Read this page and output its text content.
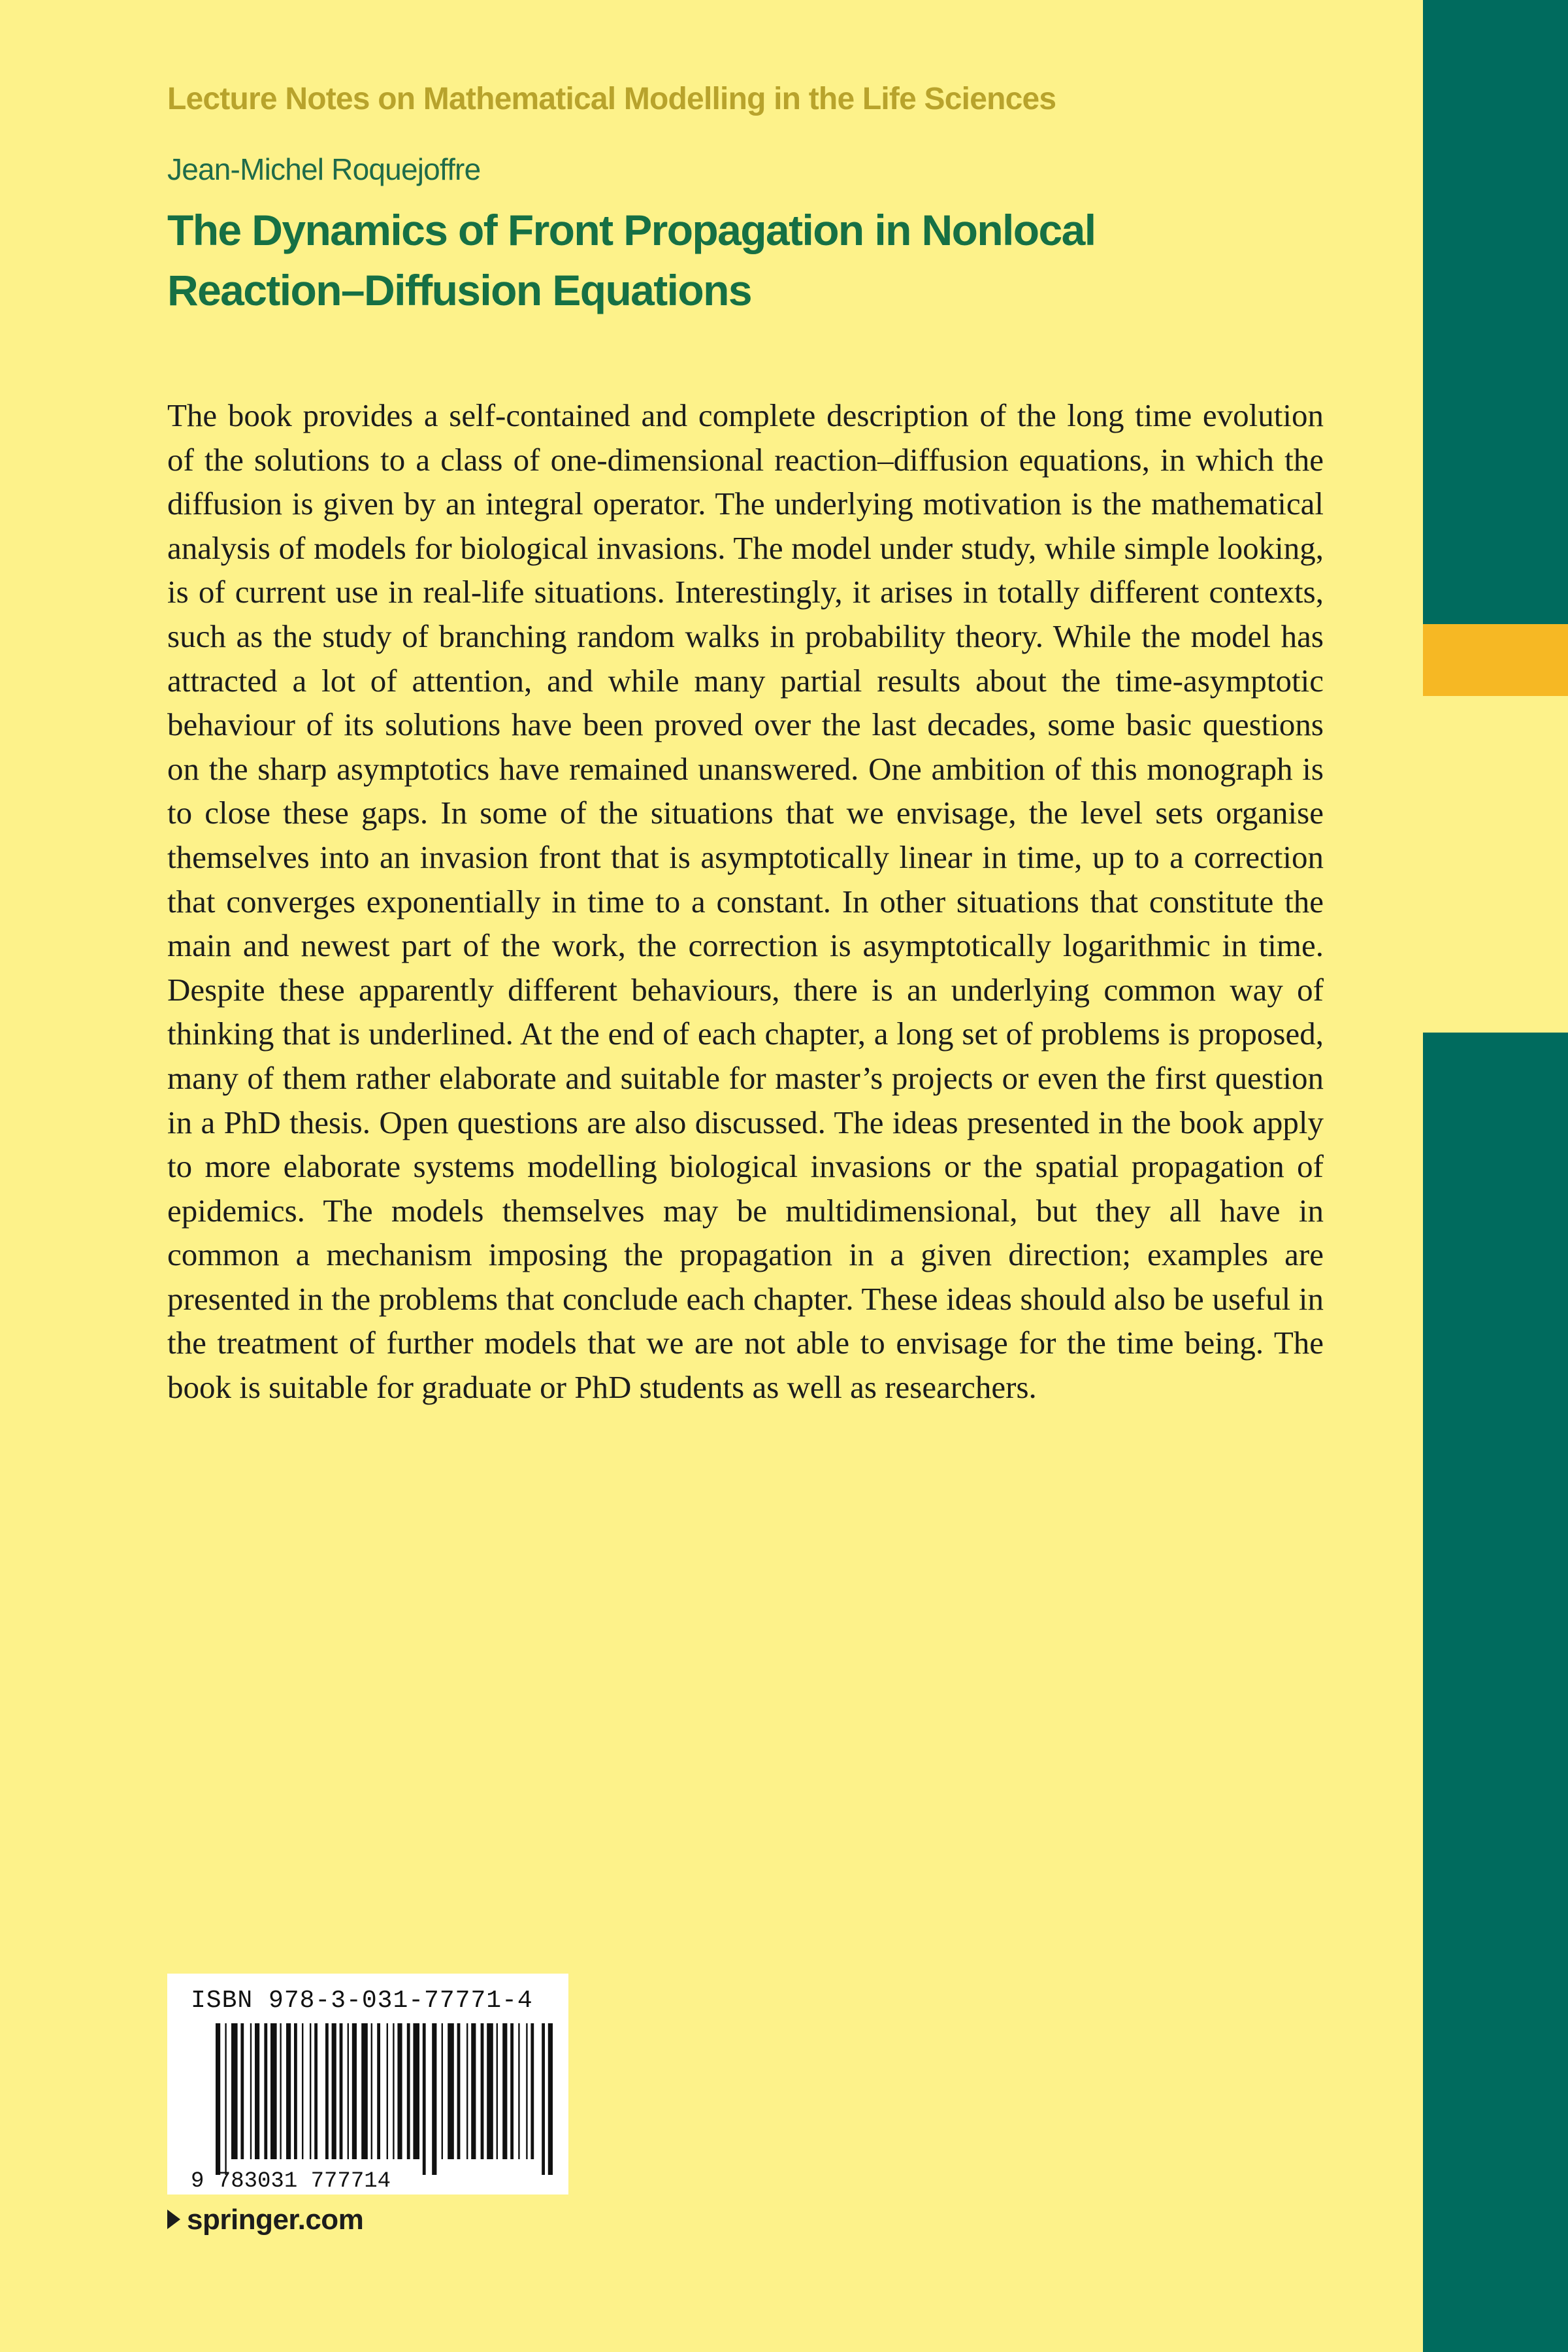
Lecture Notes on Mathematical Modelling in the Life Sciences
Jean-Michel Roquejoffre
The Dynamics of Front Propagation in Nonlocal
Reaction–Diffusion Equations

The book provides a self-contained and complete description of the long time evolution of the solutions to a class of one-dimensional reaction–diffusion equations, in which the diffusion is given by an integral operator. The underlying motivation is the mathematical analysis of models for biological invasions. The model under study, while simple looking, is of current use in real-life situations. Interestingly, it arises in totally different contexts, such as the study of branching random walks in probability theory. While the model has attracted a lot of attention, and while many partial results about the time-asymptotic behaviour of its solutions have been proved over the last decades, some basic questions on the sharp asymptotics have remained unanswered. One ambition of this monograph is to close these gaps. In some of the situations that we envisage, the level sets organise themselves into an invasion front that is asymptotically linear in time, up to a correction that converges exponentially in time to a constant. In other situations that constitute the main and newest part of the work, the correction is asymptotically logarithmic in time. Despite these apparently different behaviours, there is an underlying common way of thinking that is underlined. At the end of each chapter, a long set of problems is proposed, many of them rather elaborate and suitable for master’s projects or even the first question in a PhD thesis. Open questions are also discussed. The ideas presented in the book apply to more elaborate systems modelling biological invasions or the spatial propagation of epidemics. The models themselves may be multidimensional, but they all have in common a mechanism imposing the propagation in a given direction; examples are presented in the problems that conclude each chapter. These ideas should also be useful in the treatment of further models that we are not able to envisage for the time being. The book is suitable for graduate or PhD students as well as researchers.

ISBN 978-3-031-77771-4
9 783031 777714
springer.com
